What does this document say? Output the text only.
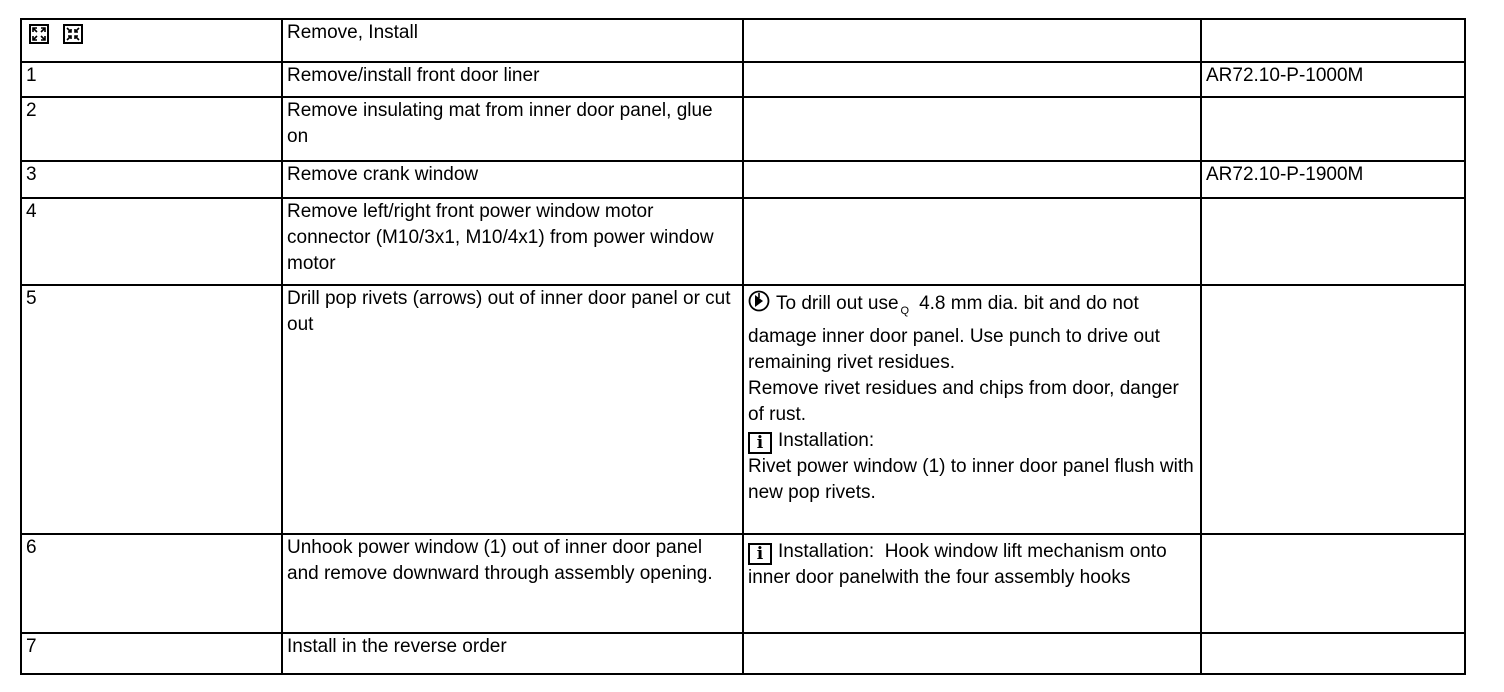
	Remove, Install		
1	Remove/install front door liner		AR72.10-P-1000M
2	Remove insulating mat from inner door panel, glue on		
3	Remove crank window		AR72.10-P-1900M
4	Remove left/right front power window motor connector (M10/3x1, M10/4x1) from power window motor		
5	Drill pop rivets (arrows) out of inner door panel or cut out	To drill out use $_Q$ 4.8 mm dia. bit and do not damage inner door panel. Use punch to drive out remaining rivet residues.
Remove rivet residues and chips from door, danger of rust.
i Installation:
Rivet power window (1) to inner door panel flush with new pop rivets.	

6	Unhook power window (1) out of inner door panel and remove downward through assembly opening.	i Installation: Hook window lift mechanism onto inner door panelwith the four assembly hooks	

7	Install in the reverse order		
